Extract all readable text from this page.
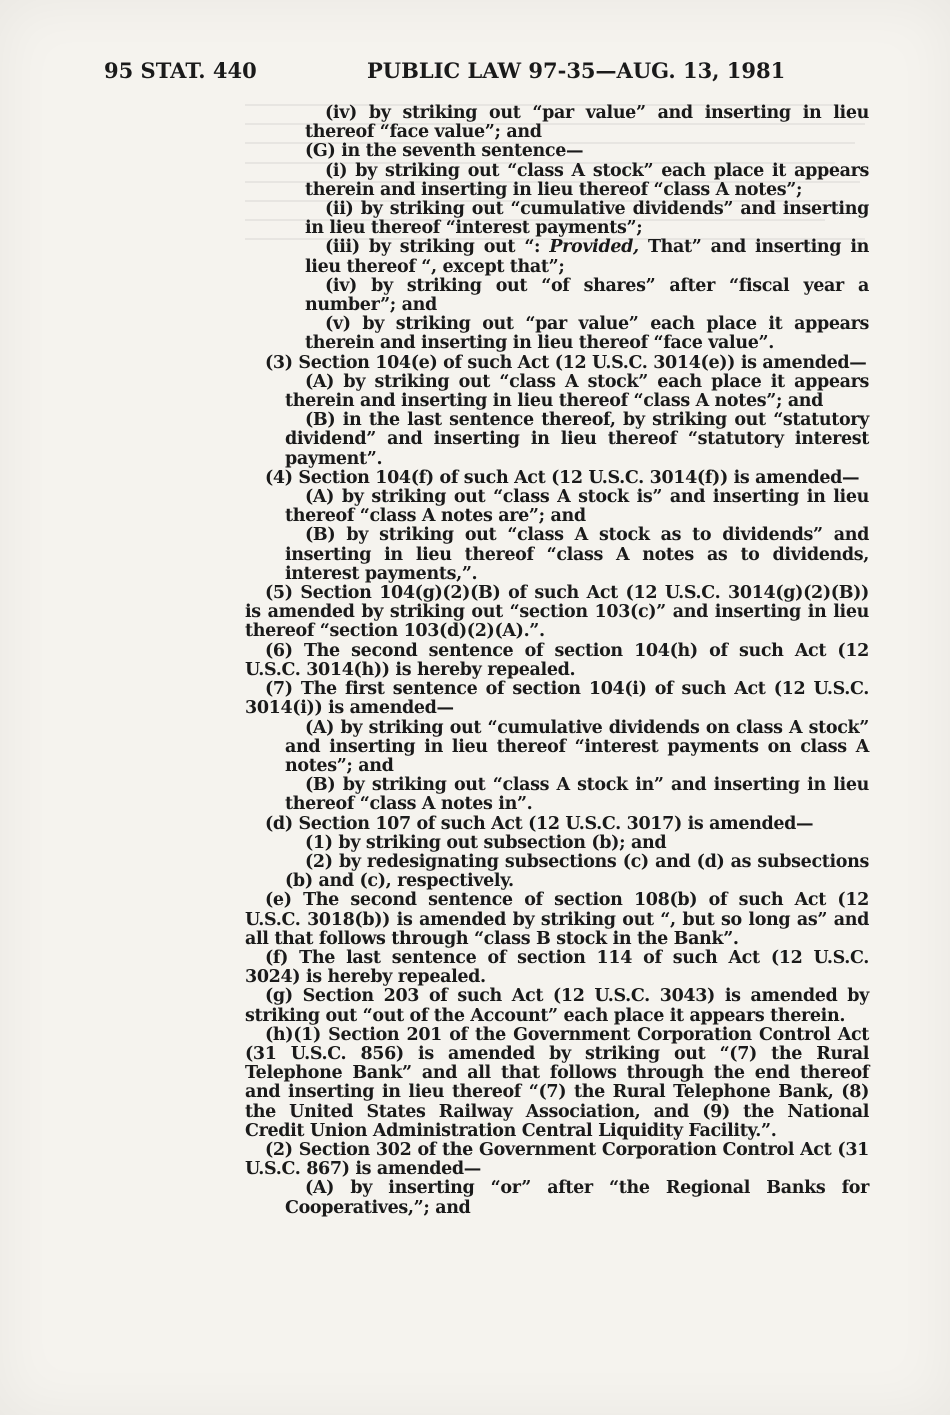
95 STAT. 440	PUBLIC LAW 97-35—AUG. 13, 1981

(iv) by striking out “par value” and inserting in lieu thereof “face value”; and

(G) in the seventh sentence—

(i) by striking out “class A stock” each place it appears therein and inserting in lieu thereof “class A notes”;

(ii) by striking out “cumulative dividends” and inserting in lieu thereof “interest payments”;

(iii) by striking out “: Provided, That” and inserting in lieu thereof “, except that”;

(iv) by striking out “of shares” after “fiscal year a number”; and

(v) by striking out “par value” each place it appears therein and inserting in lieu thereof “face value”.

(3) Section 104(e) of such Act (12 U.S.C. 3014(e)) is amended—

(A) by striking out “class A stock” each place it appears therein and inserting in lieu thereof “class A notes”; and

(B) in the last sentence thereof, by striking out “statutory dividend” and inserting in lieu thereof “statutory interest payment”.

(4) Section 104(f) of such Act (12 U.S.C. 3014(f)) is amended—

(A) by striking out “class A stock is” and inserting in lieu thereof “class A notes are”; and

(B) by striking out “class A stock as to dividends” and inserting in lieu thereof “class A notes as to dividends, interest payments,”.

(5) Section 104(g)(2)(B) of such Act (12 U.S.C. 3014(g)(2)(B)) is amended by striking out “section 103(c)” and inserting in lieu thereof “section 103(d)(2)(A).”.

(6) The second sentence of section 104(h) of such Act (12 U.S.C. 3014(h)) is hereby repealed.

(7) The first sentence of section 104(i) of such Act (12 U.S.C. 3014(i)) is amended—

(A) by striking out “cumulative dividends on class A stock” and inserting in lieu thereof “interest payments on class A notes”; and

(B) by striking out “class A stock in” and inserting in lieu thereof “class A notes in”.

(d) Section 107 of such Act (12 U.S.C. 3017) is amended—

(1) by striking out subsection (b); and

(2) by redesignating subsections (c) and (d) as subsections (b) and (c), respectively.

(e) The second sentence of section 108(b) of such Act (12 U.S.C. 3018(b)) is amended by striking out “, but so long as” and all that follows through “class B stock in the Bank”.

(f) The last sentence of section 114 of such Act (12 U.S.C. 3024) is hereby repealed.

(g) Section 203 of such Act (12 U.S.C. 3043) is amended by striking out “out of the Account” each place it appears therein.

(h)(1) Section 201 of the Government Corporation Control Act (31 U.S.C. 856) is amended by striking out “(7) the Rural Telephone Bank” and all that follows through the end thereof and inserting in lieu thereof “(7) the Rural Telephone Bank, (8) the United States Railway Association, and (9) the National Credit Union Administration Central Liquidity Facility.”.

(2) Section 302 of the Government Corporation Control Act (31 U.S.C. 867) is amended—

(A) by inserting “or” after “the Regional Banks for Cooperatives,”; and
